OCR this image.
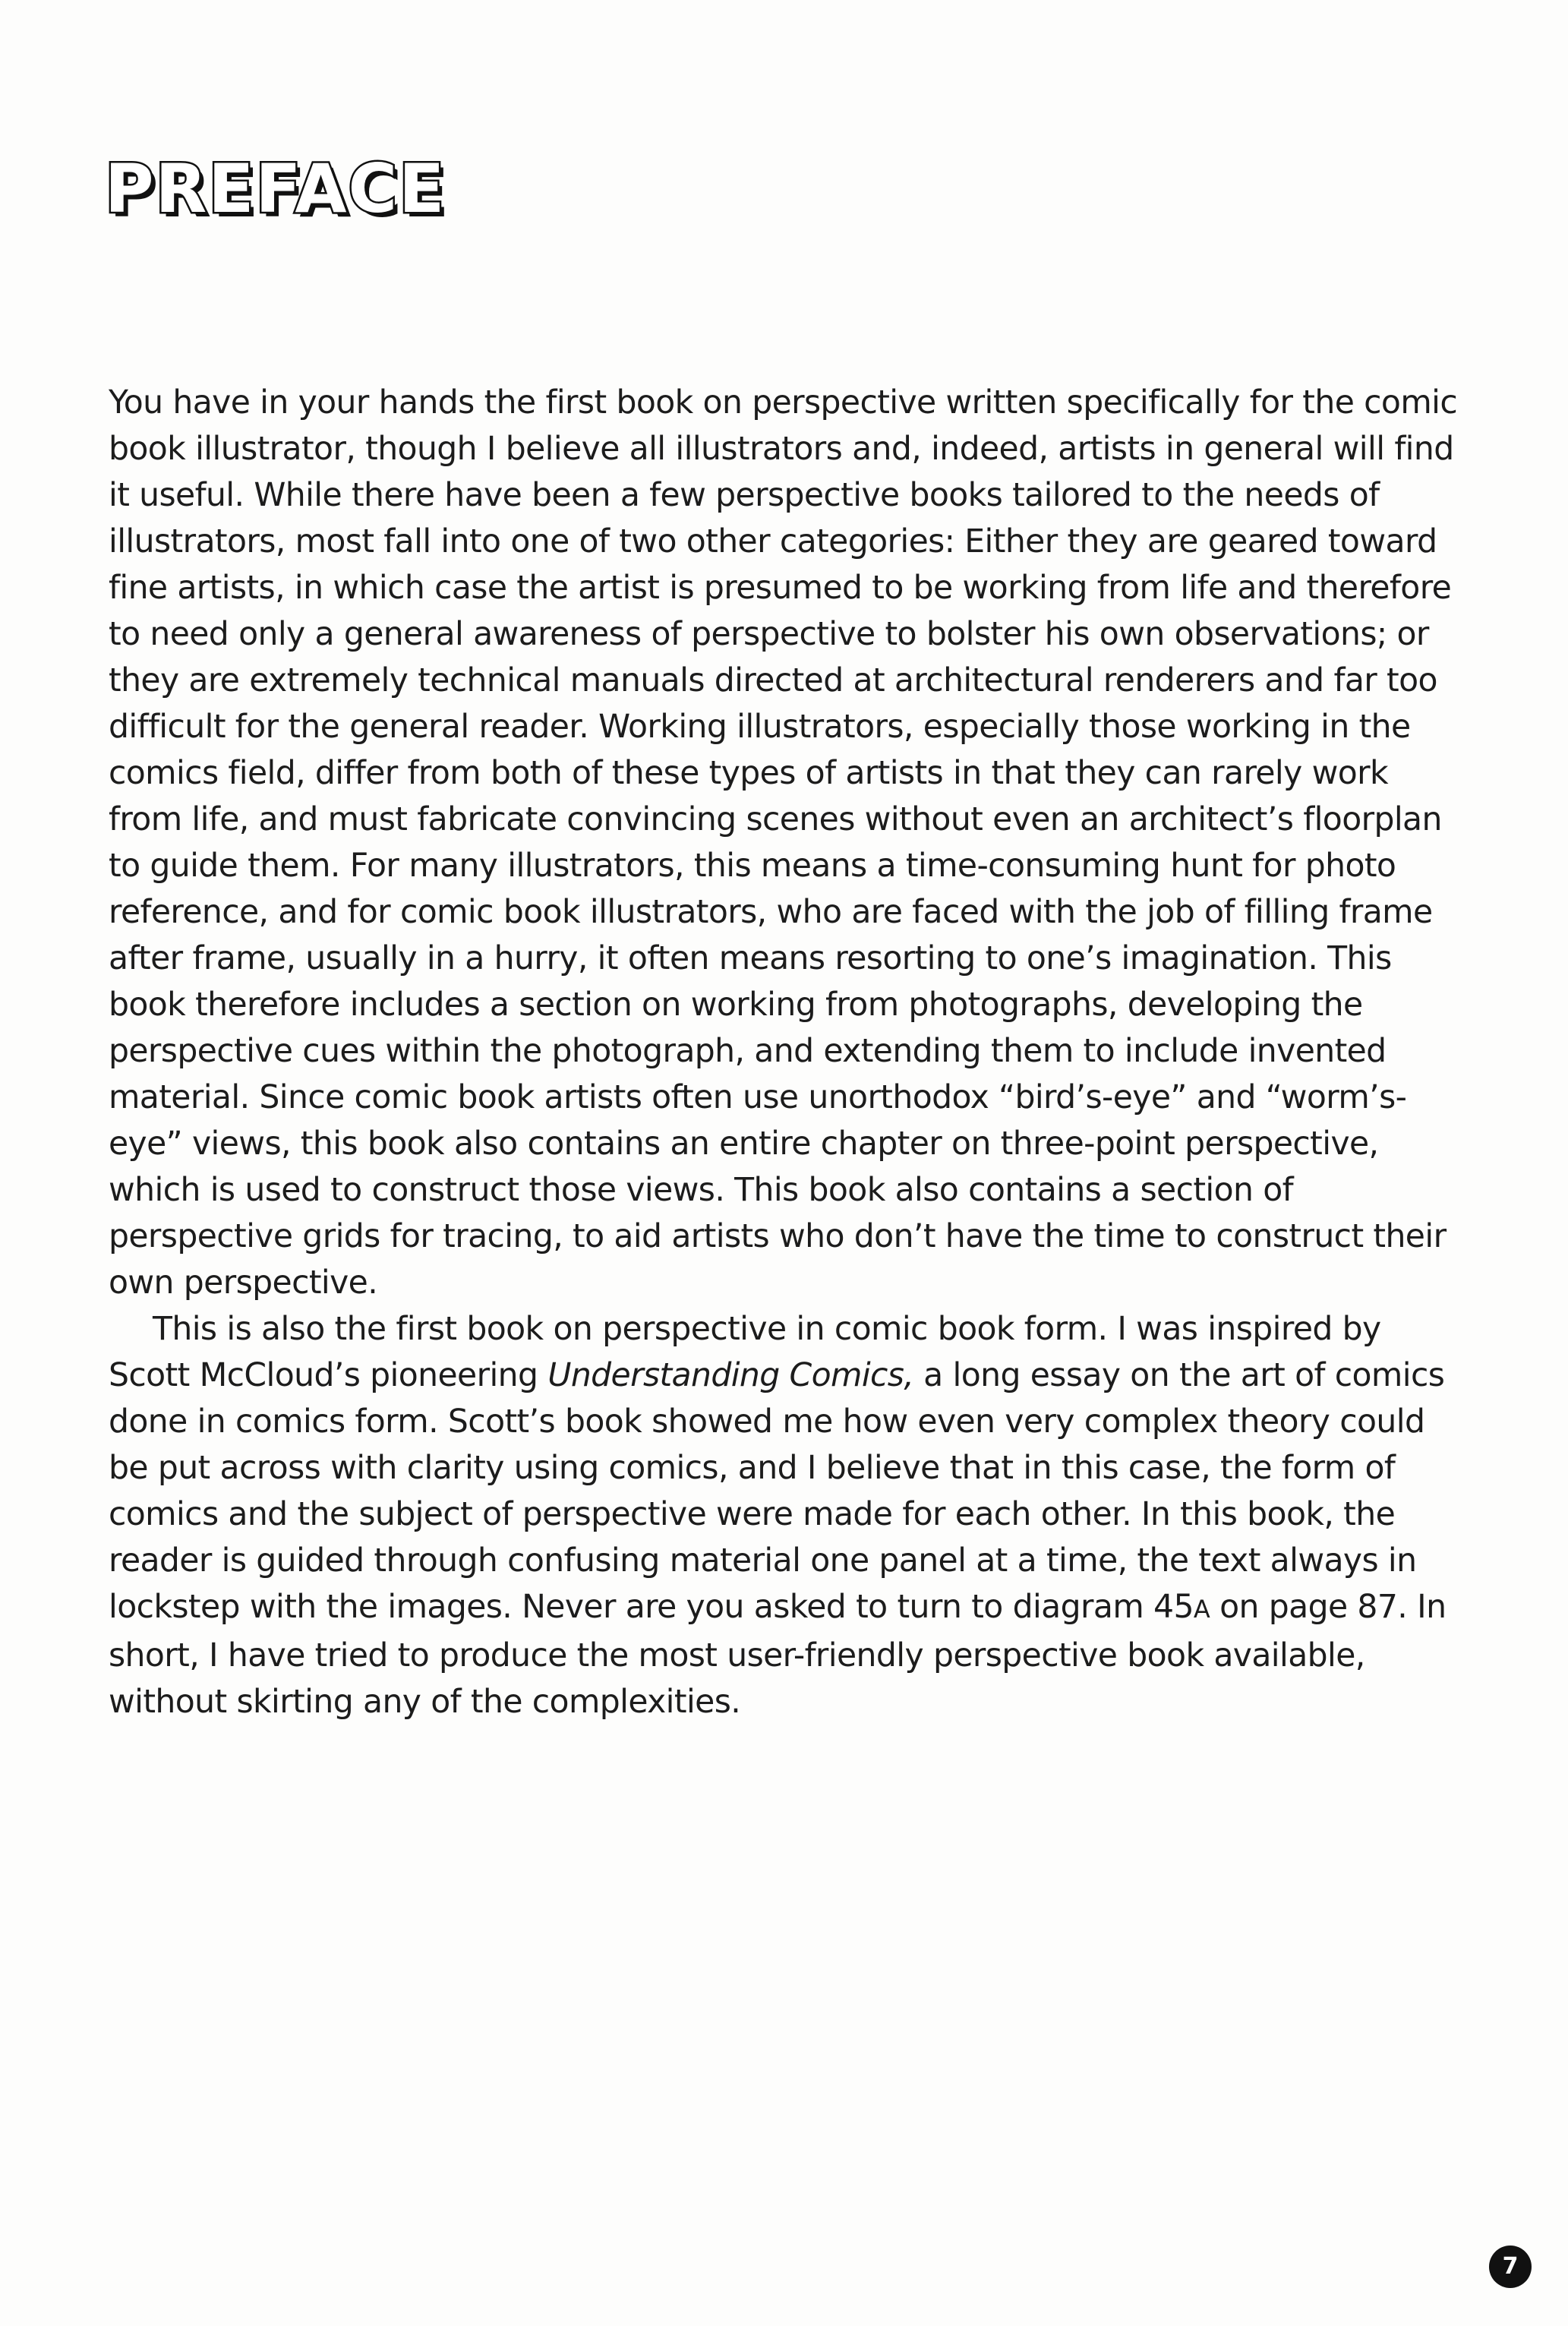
PREFACE

You have in your hands the first book on perspective written specifically for the comic book illustrator, though I believe all illustrators and, indeed, artists in general will find it useful. While there have been a few perspective books tailored to the needs of illustrators, most fall into one of two other categories: Either they are geared toward fine artists, in which case the artist is presumed to be working from life and therefore to need only a general awareness of perspective to bolster his own observations; or they are extremely technical manuals directed at architectural renderers and far too difficult for the general reader. Working illustrators, especially those working in the comics field, differ from both of these types of artists in that they can rarely work from life, and must fabricate convincing scenes without even an architect’s floorplan to guide them. For many illustrators, this means a time-consuming hunt for photo reference, and for comic book illustrators, who are faced with the job of filling frame after frame, usually in a hurry, it often means resorting to one’s imagination. This book therefore includes a section on working from photographs, developing the perspective cues within the photograph, and extending them to include invented material. Since comic book artists often use unorthodox “bird’s-eye” and “worm’s-eye” views, this book also contains an entire chapter on three-point perspective, which is used to construct those views. This book also contains a section of perspective grids for tracing, to aid artists who don’t have the time to construct their own perspective.

This is also the first book on perspective in comic book form. I was inspired by Scott McCloud’s pioneering Understanding Comics, a long essay on the art of comics done in comics form. Scott’s book showed me how even very complex theory could be put across with clarity using comics, and I believe that in this case, the form of comics and the subject of perspective were made for each other. In this book, the reader is guided through confusing material one panel at a time, the text always in lockstep with the images. Never are you asked to turn to diagram 45A on page 87. In short, I have tried to produce the most user-friendly perspective book available, without skirting any of the complexities.

7
